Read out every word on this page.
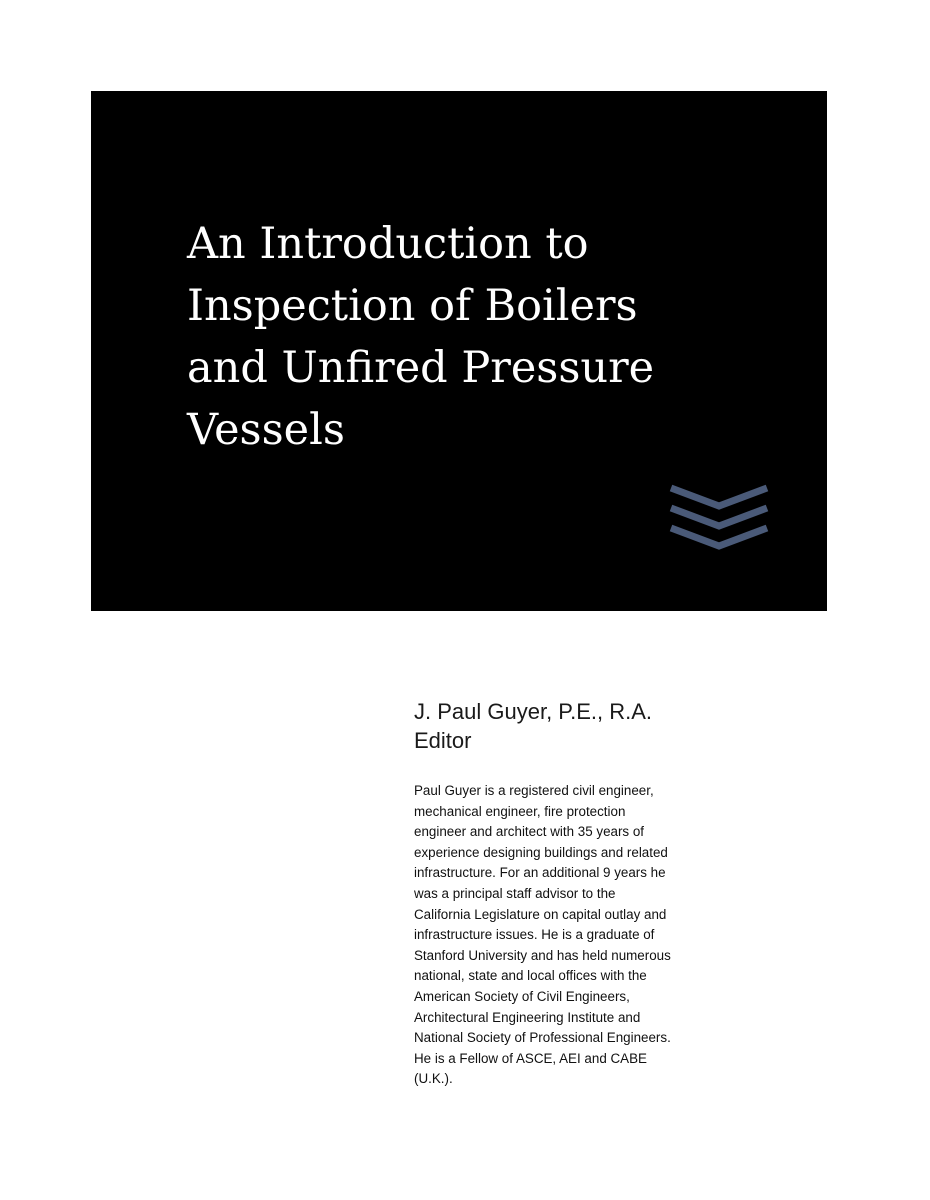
An Introduction to
Inspection of Boilers
and Unfired Pressure
Vessels

J. Paul Guyer, P.E., R.A.

Editor

Paul Guyer is a registered civil engineer,
mechanical engineer, fire protection
engineer and architect with 35 years of
experience designing buildings and related
infrastructure. For an additional 9 years he
was a principal staff advisor to the
California Legislature on capital outlay and
infrastructure issues. He is a graduate of
Stanford University and has held numerous
national, state and local offices with the
American Society of Civil Engineers,
Architectural Engineering Institute and
National Society of Professional Engineers.
He is a Fellow of ASCE, AEI and CABE
(U.K.).
